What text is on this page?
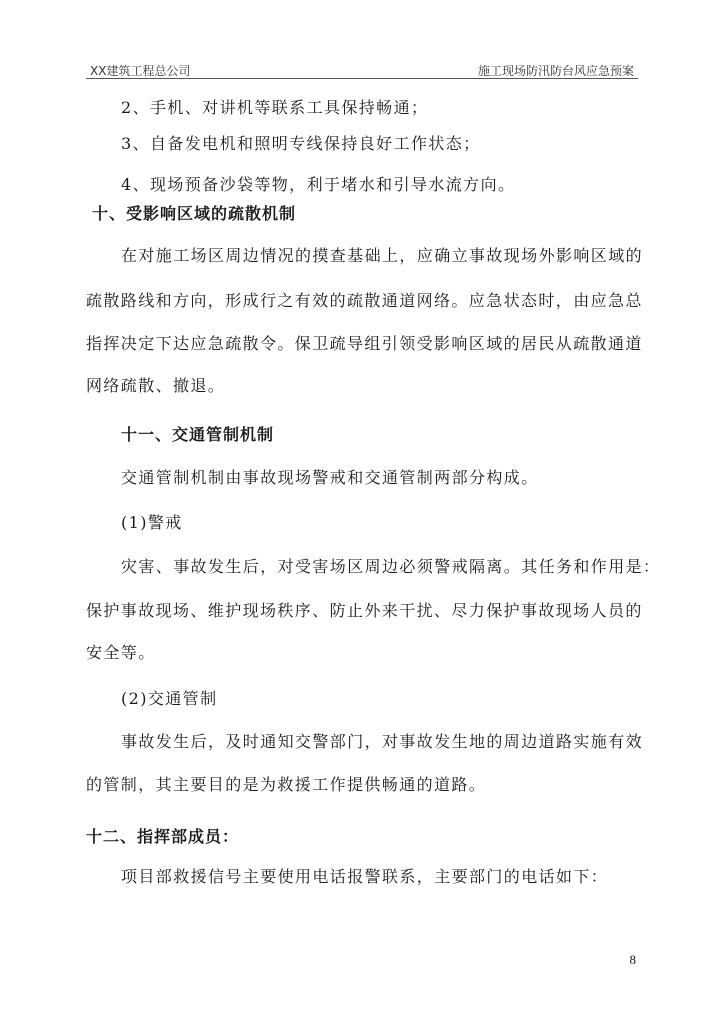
XX建筑工程总公司	施工现场防汛防台风应急预案
2、手机、对讲机等联系工具保持畅通；
3、自备发电机和照明专线保持良好工作状态；
4、现场预备沙袋等物，利于堵水和引导水流方向。
十、受影响区域的疏散机制
在对施工场区周边情况的摸查基础上，应确立事故现场外影响区域的
疏散路线和方向，形成行之有效的疏散通道网络。应急状态时，由应急总
指挥决定下达应急疏散令。保卫疏导组引领受影响区域的居民从疏散通道
网络疏散、撤退。
十一、交通管制机制
交通管制机制由事故现场警戒和交通管制两部分构成。
(1)警戒
灾害、事故发生后，对受害场区周边必须警戒隔离。其任务和作用是：
保护事故现场、维护现场秩序、防止外来干扰、尽力保护事故现场人员的
安全等。
(2)交通管制
事故发生后，及时通知交警部门，对事故发生地的周边道路实施有效
的管制，其主要目的是为救援工作提供畅通的道路。
十二、指挥部成员：
项目部救援信号主要使用电话报警联系，主要部门的电话如下：
8
